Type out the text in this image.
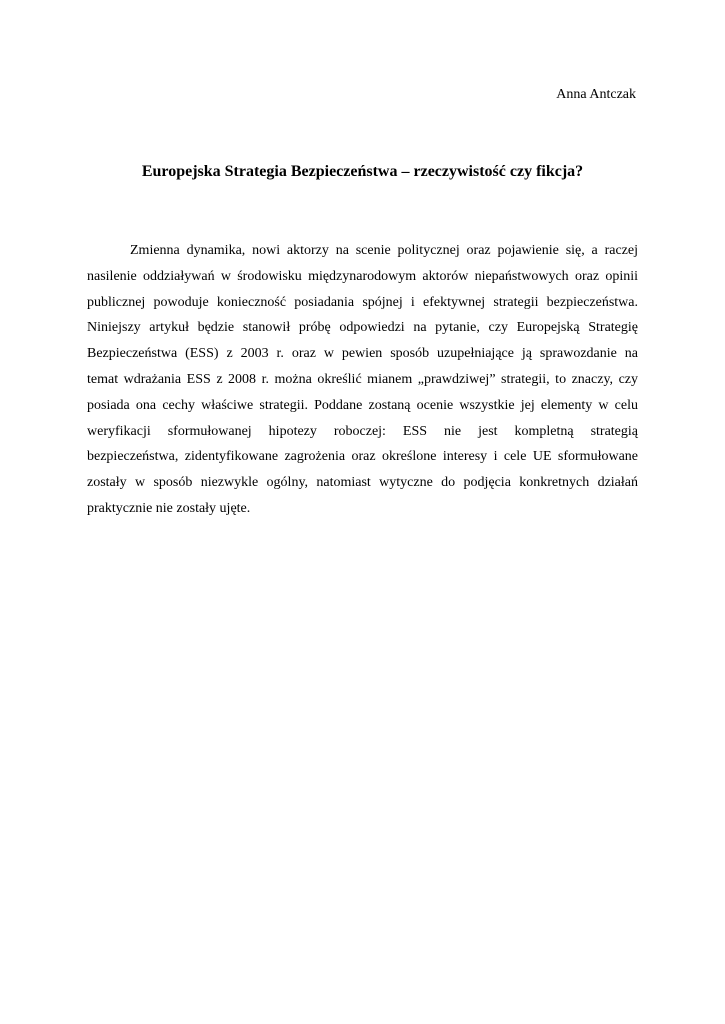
Anna Antczak
Europejska Strategia Bezpieczeństwa – rzeczywistość czy fikcja?

Zmienna dynamika, nowi aktorzy na scenie politycznej oraz pojawienie się, a raczej
nasilenie oddziaływań w środowisku międzynarodowym aktorów niepaństwowych oraz opinii
publicznej powoduje konieczność posiadania spójnej i efektywnej strategii bezpieczeństwa.
Niniejszy artykuł będzie stanowił próbę odpowiedzi na pytanie, czy Europejską Strategię
Bezpieczeństwa (ESS) z 2003 r. oraz w pewien sposób uzupełniające ją sprawozdanie na
temat wdrażania ESS z 2008 r. można określić mianem „prawdziwej” strategii, to znaczy, czy
posiada ona cechy właściwe strategii. Poddane zostaną ocenie wszystkie jej elementy w celu
weryfikacji sformułowanej hipotezy roboczej: ESS nie jest kompletną strategią
bezpieczeństwa, zidentyfikowane zagrożenia oraz określone interesy i cele UE sformułowane
zostały w sposób niezwykle ogólny, natomiast wytyczne do podjęcia konkretnych działań
praktycznie nie zostały ujęte.
